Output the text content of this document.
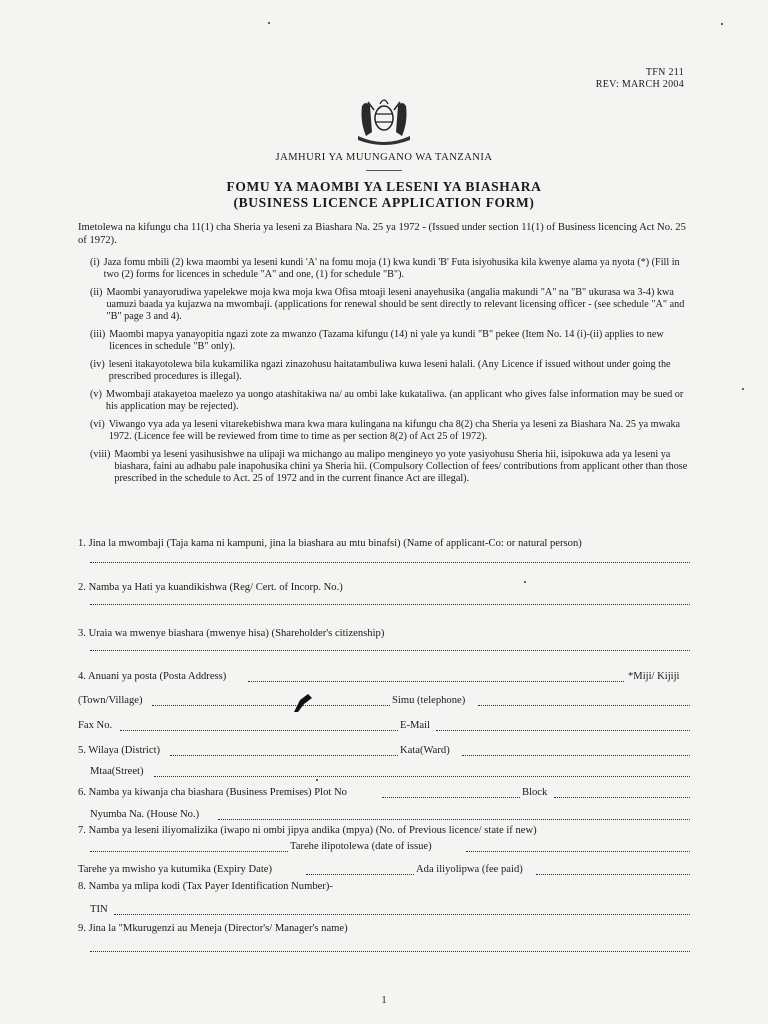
TFN 211
REV: MARCH 2004
JAMHURI YA MUUNGANO WA TANZANIA
FOMU YA MAOMBI YA LESENI YA BIASHARA
(BUSINESS LICENCE APPLICATION FORM)
Imetolewa na kifungu cha 11(1) cha Sheria ya leseni za Biashara Na. 25 ya 1972 - (Issued under section 11(1) of Business licencing Act No. 25 of 1972).
(i) Jaza fomu mbili (2) kwa maombi ya leseni kundi 'A' na fomu moja (1) kwa kundi 'B' Futa isiyohusika kila kwenye alama ya nyota (*) (Fill in two (2) forms for licences in schedule "A" and one, (1) for schedule "B").
(ii) Maombi yanayorudiwa yapelekwe moja kwa moja kwa Ofisa mtoaji leseni anayehusika (angalia makundi "A" na "B" ukurasa wa 3-4) kwa uamuzi baada ya kujazwa na mwombaji. (applications for renewal should be sent directly to relevant licensing officer - (see schedule "A" and "B" page 3 and 4).
(iii) Maombi mapya yanayopitia ngazi zote za mwanzo (Tazama kifungu (14) ni yale ya kundi "B" pekee (Item No. 14 (i)-(ii) applies to new licences in schedule "B" only).
(iv) leseni itakayotolewa bila kukamilika ngazi zinazohusu haitatambuliwa kuwa leseni halali. (Any Licence if issued without under going the prescribed procedures is illegal).
(v) Mwombaji atakayetoa maelezo ya uongo atashitakiwa na/ au ombi lake kukataliwa. (an applicant who gives false information may be sued or his application may be rejected).
(vi) Viwango vya ada ya leseni vitarekebishwa mara kwa mara kulingana na kifungu cha 8(2) cha Sheria ya leseni za Biashara Na. 25 ya mwaka 1972. (Licence fee will be reviewed from time to time as per section 8(2) of Act 25 of 1972).
(viii) Maombi ya leseni yasihusishwe na ulipaji wa michango au malipo mengineyo yo yote yasiyohusu Sheria hii, isipokuwa ada ya leseni ya biashara, faini au adhabu pale inapohusika chini ya Sheria hii. (Compulsory Collection of fees/ contributions from applicant other than those prescribed in the schedule to Act. 25 of 1972 and in the current finance Act are illegal).
1. Jina la mwombaji (Taja kama ni kampuni, jina la biashara au mtu binafsi) (Name of applicant-Co: or natural person)
2. Namba ya Hati ya kuandikishwa (Reg/ Cert. of Incorp. No.)
3. Uraia wa mwenye biashara (mwenye hisa) (Shareholder's citizenship)
4. Anuani ya posta (Posta Address)	*Miji/ Kijiji
(Town/Village)	Simu (telephone)
Fax No.	E-Mail
5. Wilaya (District)	Kata(Ward)
Mtaa(Street)
6. Namba ya kiwanja cha biashara (Business Premises) Plot No	Block
Nyumba Na. (House No.)
7. Namba ya leseni iliyomalizika (iwapo ni ombi jipya andika (mpya) (No. of Previous licence/ state if new)
Tarehe ilipotolewa (date of issue)
Tarehe ya mwisho ya kutumika (Expiry Date)	Ada iliyolipwa (fee paid)
8. Namba ya mlipa kodi (Tax Payer Identification Number)-
TIN
9. Jina la "Mkurugenzi au Meneja (Director's/ Manager's name)
1
